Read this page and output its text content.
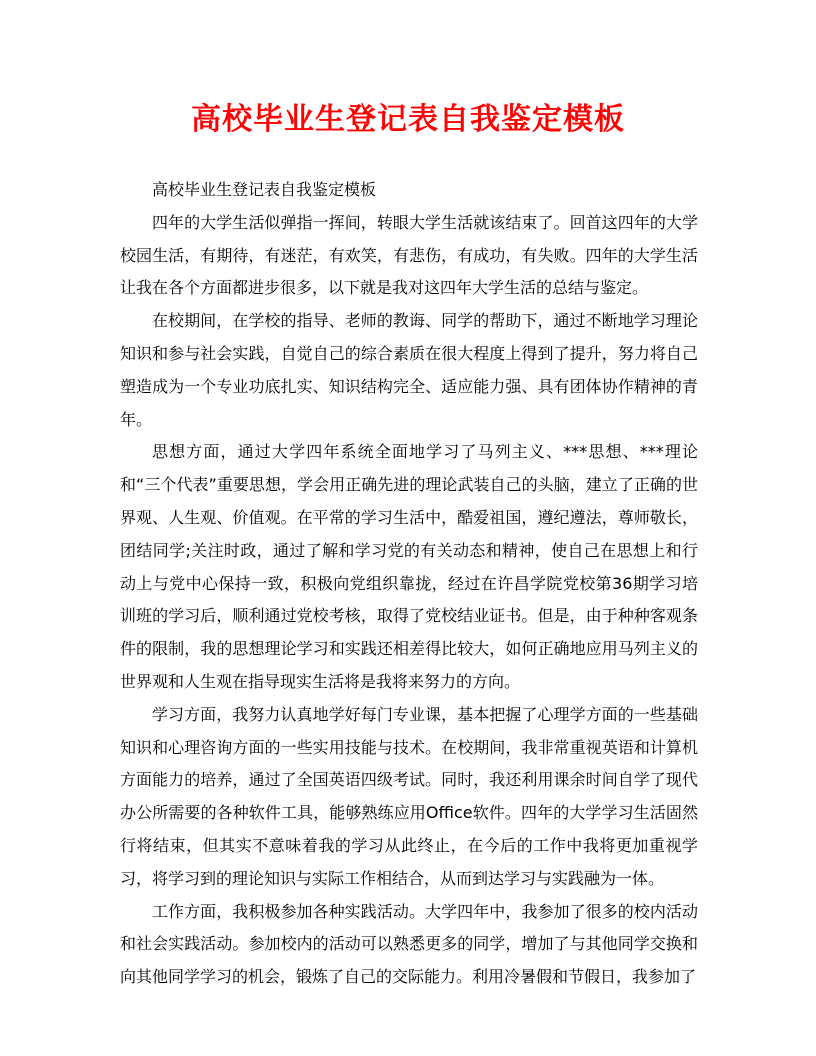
高校毕业生登记表自我鉴定模板

高校毕业生登记表自我鉴定模板

四年的大学生活似弹指一挥间，转眼大学生活就该结束了。回首这四年的大学校园生活，有期待，有迷茫，有欢笑，有悲伤，有成功，有失败。四年的大学生活让我在各个方面都进步很多，以下就是我对这四年大学生活的总结与鉴定。

在校期间，在学校的指导、老师的教诲、同学的帮助下，通过不断地学习理论知识和参与社会实践，自觉自己的综合素质在很大程度上得到了提升，努力将自己塑造成为一个专业功底扎实、知识结构完全、适应能力强、具有团体协作精神的青年。

思想方面，通过大学四年系统全面地学习了马列主义、***思想、***理论和“三个代表”重要思想，学会用正确先进的理论武装自己的头脑，建立了正确的世界观、人生观、价值观。在平常的学习生活中，酷爱祖国，遵纪遵法，尊师敬长，团结同学;关注时政，通过了解和学习党的有关动态和精神，使自己在思想上和行动上与党中心保持一致，积极向党组织靠拢，经过在许昌学院党校第36期学习培训班的学习后，顺利通过党校考核，取得了党校结业证书。但是，由于种种客观条件的限制，我的思想理论学习和实践还相差得比较大，如何正确地应用马列主义的世界观和人生观在指导现实生活将是我将来努力的方向。

学习方面，我努力认真地学好每门专业课，基本把握了心理学方面的一些基础知识和心理咨询方面的一些实用技能与技术。在校期间，我非常重视英语和计算机方面能力的培养，通过了全国英语四级考试。同时，我还利用课余时间自学了现代办公所需要的各种软件工具，能够熟练应用Office软件。四年的大学学习生活固然行将结束，但其实不意味着我的学习从此终止，在今后的工作中我将更加重视学习，将学习到的理论知识与实际工作相结合，从而到达学习与实践融为一体。

工作方面，我积极参加各种实践活动。大学四年中，我参加了很多的校内活动和社会实践活动。参加校内的活动可以熟悉更多的同学，增加了与其他同学交换和向其他同学学习的机会，锻炼了自己的交际能力。利用冷暑假和节假日，我参加了
